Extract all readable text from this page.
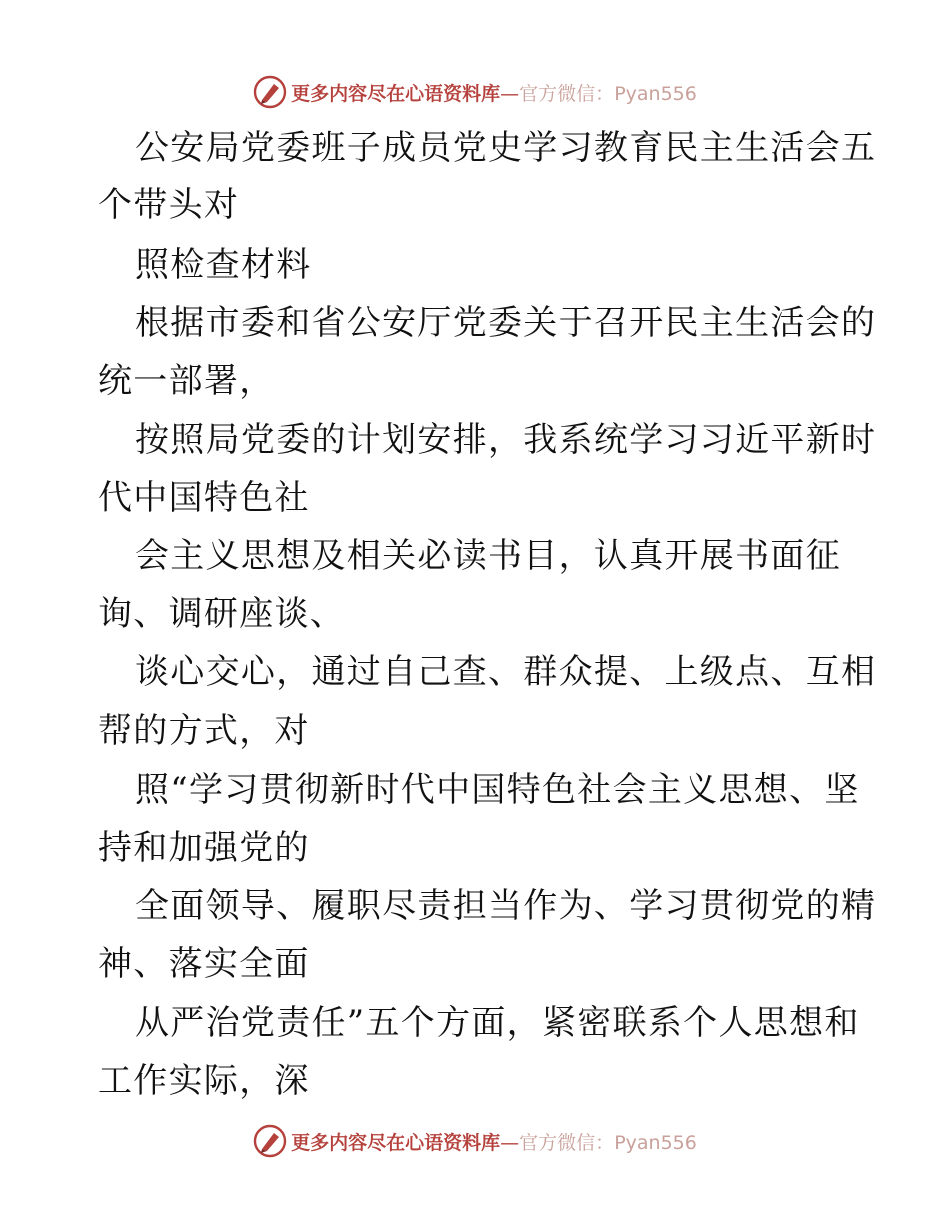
更多内容尽在心语资料库—官方微信：Pyan556
公安局党委班子成员党史学习教育民主生活会五
个带头对
照检查材料
根据市委和省公安厅党委关于召开民主生活会的
统一部署，
按照局党委的计划安排，我系统学习习近平新时
代中国特色社
会主义思想及相关必读书目，认真开展书面征
询、调研座谈、
谈心交心，通过自己查、群众提、上级点、互相
帮的方式，对
照“学习贯彻新时代中国特色社会主义思想、坚
持和加强党的
全面领导、履职尽责担当作为、学习贯彻党的精
神、落实全面
从严治党责任”五个方面，紧密联系个人思想和
工作实际，深
更多内容尽在心语资料库—官方微信：Pyan556
